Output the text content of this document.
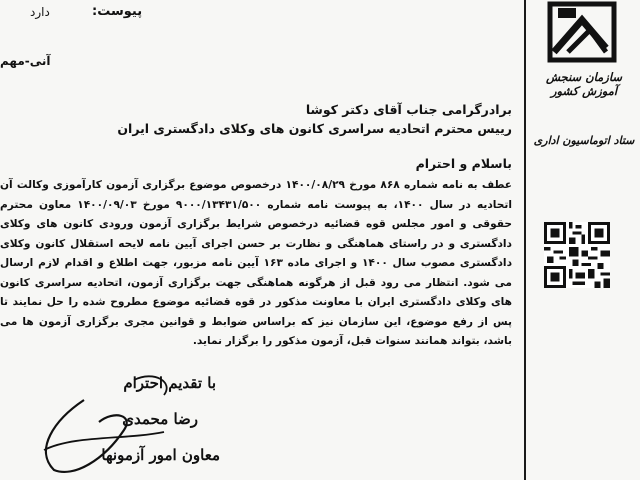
پیوست:
دارد
آنی-مهم
برادرگرامی جناب آقای دکتر کوشا
رییس محترم اتحادیه سراسری کانون های وکلای دادگستری ایران
باسلام و احترام
عطف به نامه شماره ۸۶۸ مورخ ۱۴۰۰/۰۸/۲۹ درخصوص موضوع برگزاری آزمون کارآموزی وکالت آن اتحادیه در سال ۱۴۰۰، به پیوست نامه شماره ۹۰۰۰/۱۳۴۳۱/۵۰۰ مورخ ۱۴۰۰/۰۹/۰۳ معاون محترم حقوقی و امور مجلس قوه قضائیه درخصوص شرایط برگزاری آزمون ورودی کانون های وکلای دادگستری و در راستای هماهنگی و نظارت بر حسن اجرای آیین نامه لایحه استقلال کانون وکلای دادگستری مصوب سال ۱۴۰۰ و اجرای ماده ۱۶۳ آیین نامه مزبور، جهت اطلاع و اقدام لازم ارسال می شود. انتظار می رود قبل از هرگونه هماهنگی جهت برگزاری آزمون، اتحادیه سراسری کانون های وکلای دادگستری ایران با معاونت مذکور در قوه قضائیه موضوع مطروح شده را حل نمایند تا پس از رفع موضوع، این سازمان نیز که براساس ضوابط و قوانین مجری برگزاری آزمون ها می باشد، بتواند همانند سنوات قبل، آزمون مذکور را برگزار نماید.
با تقدیم احترام
رضا محمدی
معاون امور آزمونها
سازمان سنجش آموزش کشور
ستاد اتوماسیون اداری
